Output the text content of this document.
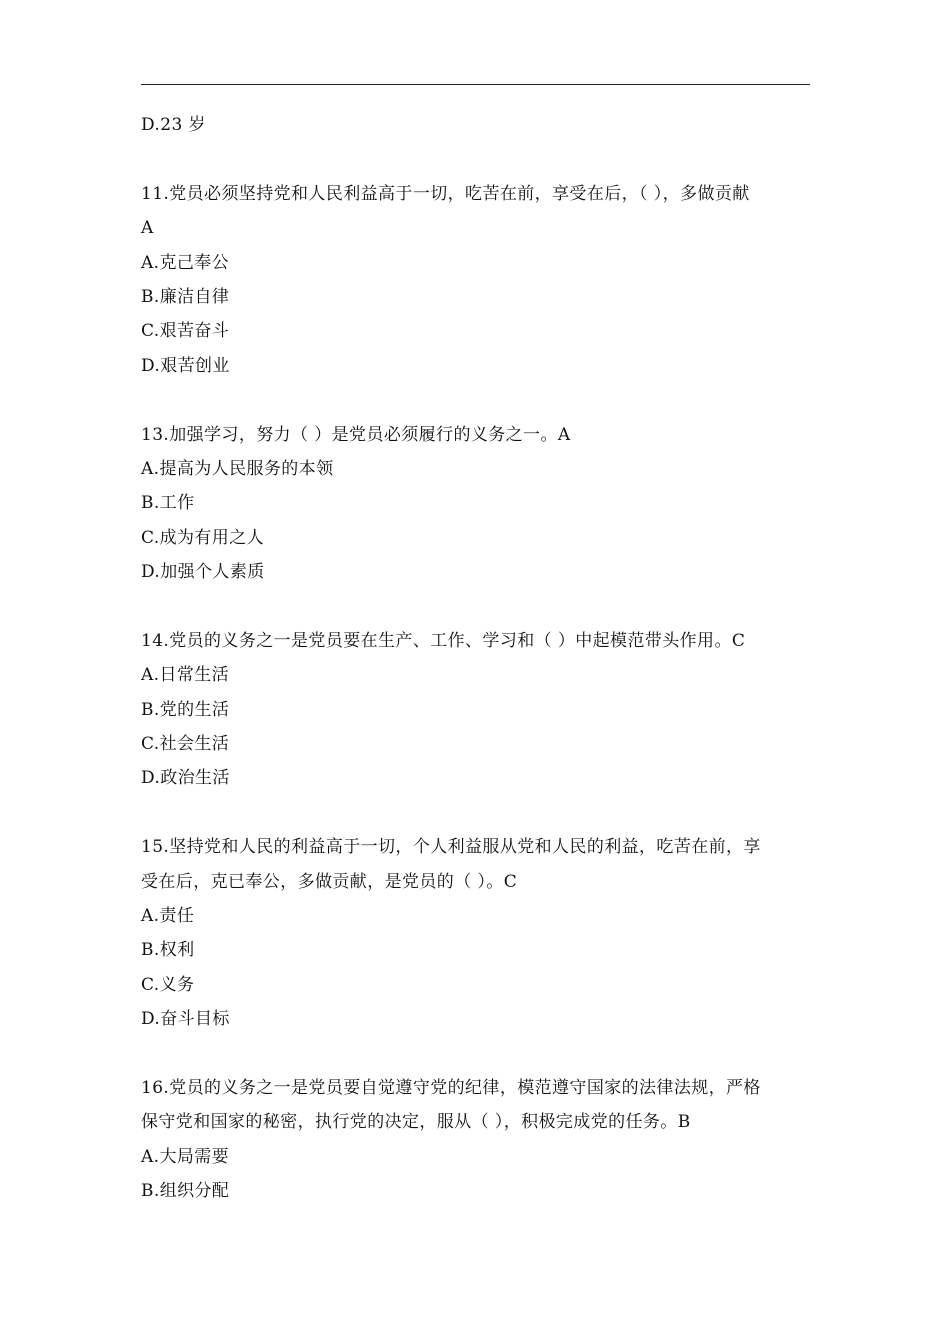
D.23 岁
11.党员必须坚持党和人民利益高于一切，吃苦在前，享受在后，（ ），多做贡献
A
A.克己奉公
B.廉洁自律
C.艰苦奋斗
D.艰苦创业
13.加强学习，努力（ ）是党员必须履行的义务之一。A
A.提高为人民服务的本领
B.工作
C.成为有用之人
D.加强个人素质
14.党员的义务之一是党员要在生产、工作、学习和（ ）中起模范带头作用。C
A.日常生活
B.党的生活
C.社会生活
D.政治生活
15.坚持党和人民的利益高于一切，个人利益服从党和人民的利益，吃苦在前，享
受在后，克已奉公，多做贡献，是党员的（ ）。C
A.责任
B.权利
C.义务
D.奋斗目标
16.党员的义务之一是党员要自觉遵守党的纪律，模范遵守国家的法律法规，严格
保守党和国家的秘密，执行党的决定，服从（ ），积极完成党的任务。B
A.大局需要
B.组织分配
